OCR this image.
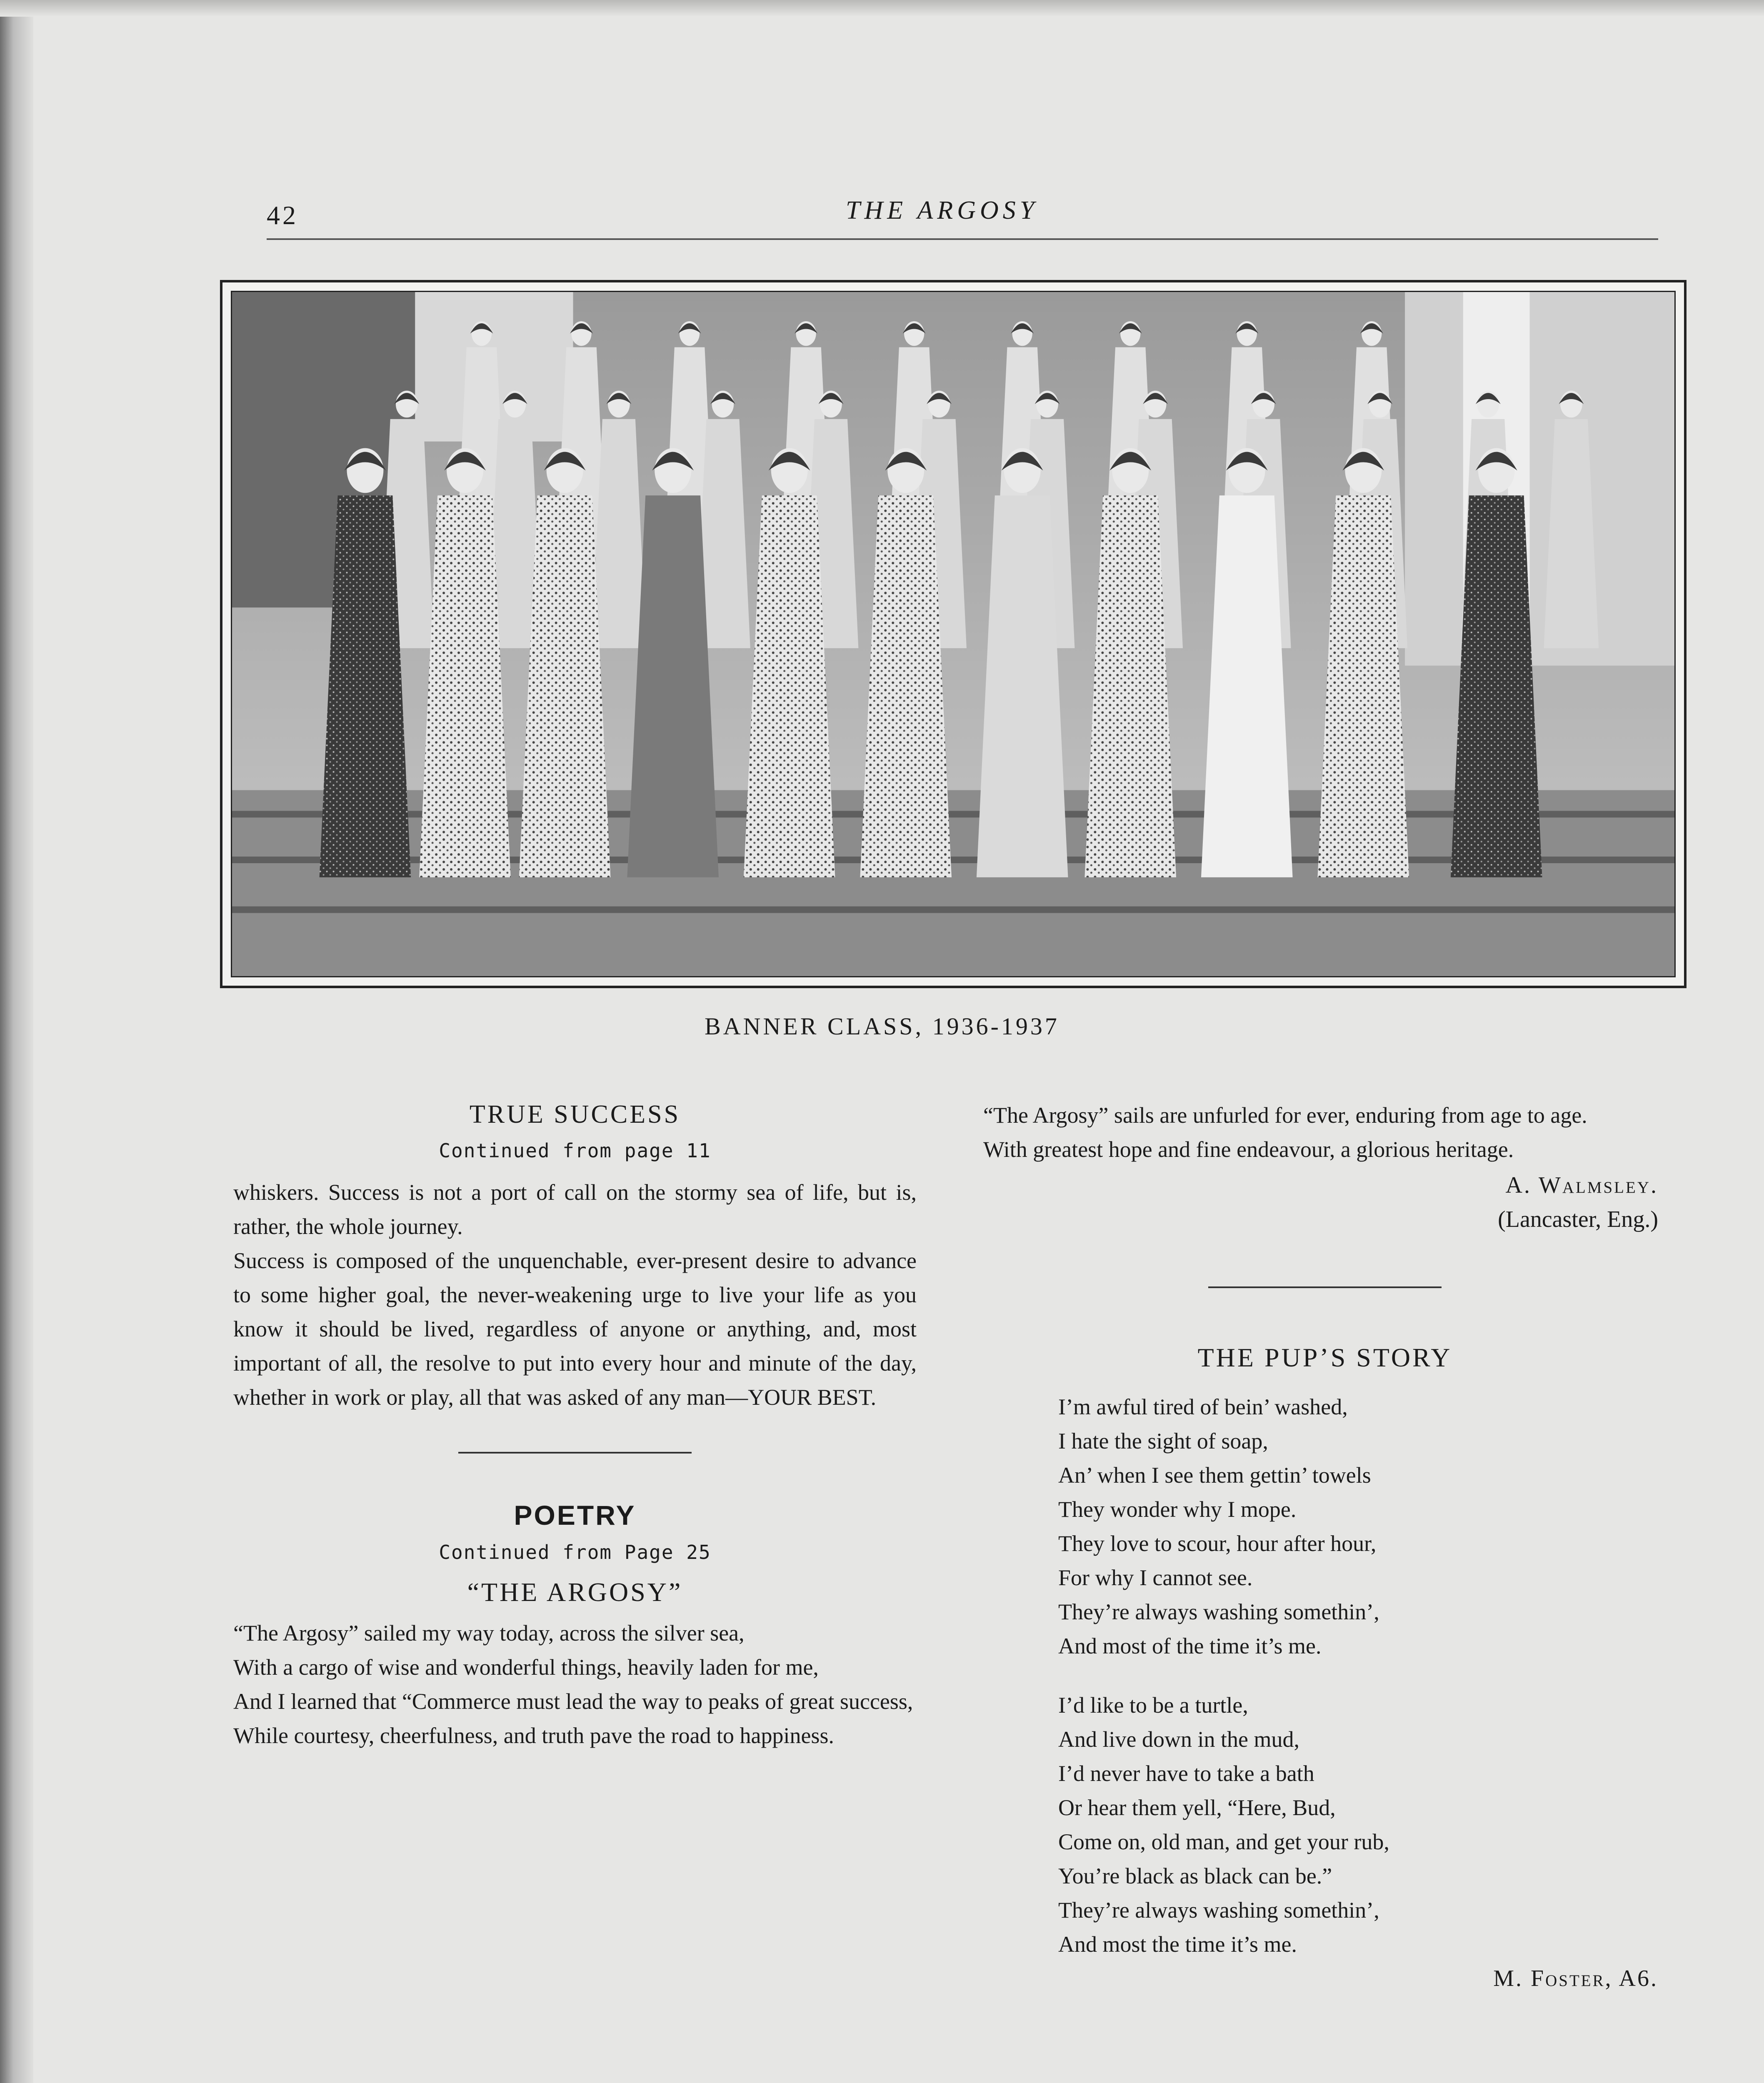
42	THE ARGOSY
BANNER CLASS, 1936-1937
TRUE SUCCESS
Continued from page 11

whiskers. Success is not a port of call on the stormy sea of life, but is, rather, the whole journey.

Success is composed of the unquenchable, ever-present desire to advance to some higher goal, the never-weakening urge to live your life as you know it should be lived, regardless of anyone or anything, and, most important of all, the resolve to put into every hour and minute of the day, whether in work or play, all that was asked of any man—YOUR BEST.

POETRY
Continued from Page 25
“THE ARGOSY”

“The Argosy” sailed my way today, across the silver sea,

With a cargo of wise and wonderful things, heavily laden for me,

And I learned that “Commerce must lead the way to peaks of great success,

While courtesy, cheerfulness, and truth pave the road to happiness.

“The Argosy” sails are unfurled for ever, enduring from age to age.

With greatest hope and fine endeavour, a glorious heritage.

A. Walmsley.
(Lancaster, Eng.)
THE PUP’S STORY

I’m awful tired of bein’ washed,

I hate the sight of soap,

An’ when I see them gettin’ towels

They wonder why I mope.

They love to scour, hour after hour,

For why I cannot see.

They’re always washing somethin’,

And most of the time it’s me.

I’d like to be a turtle,

And live down in the mud,

I’d never have to take a bath

Or hear them yell, “Here, Bud,

Come on, old man, and get your rub,

You’re black as black can be.”

They’re always washing somethin’,

And most the time it’s me.

M. Foster, A6.
